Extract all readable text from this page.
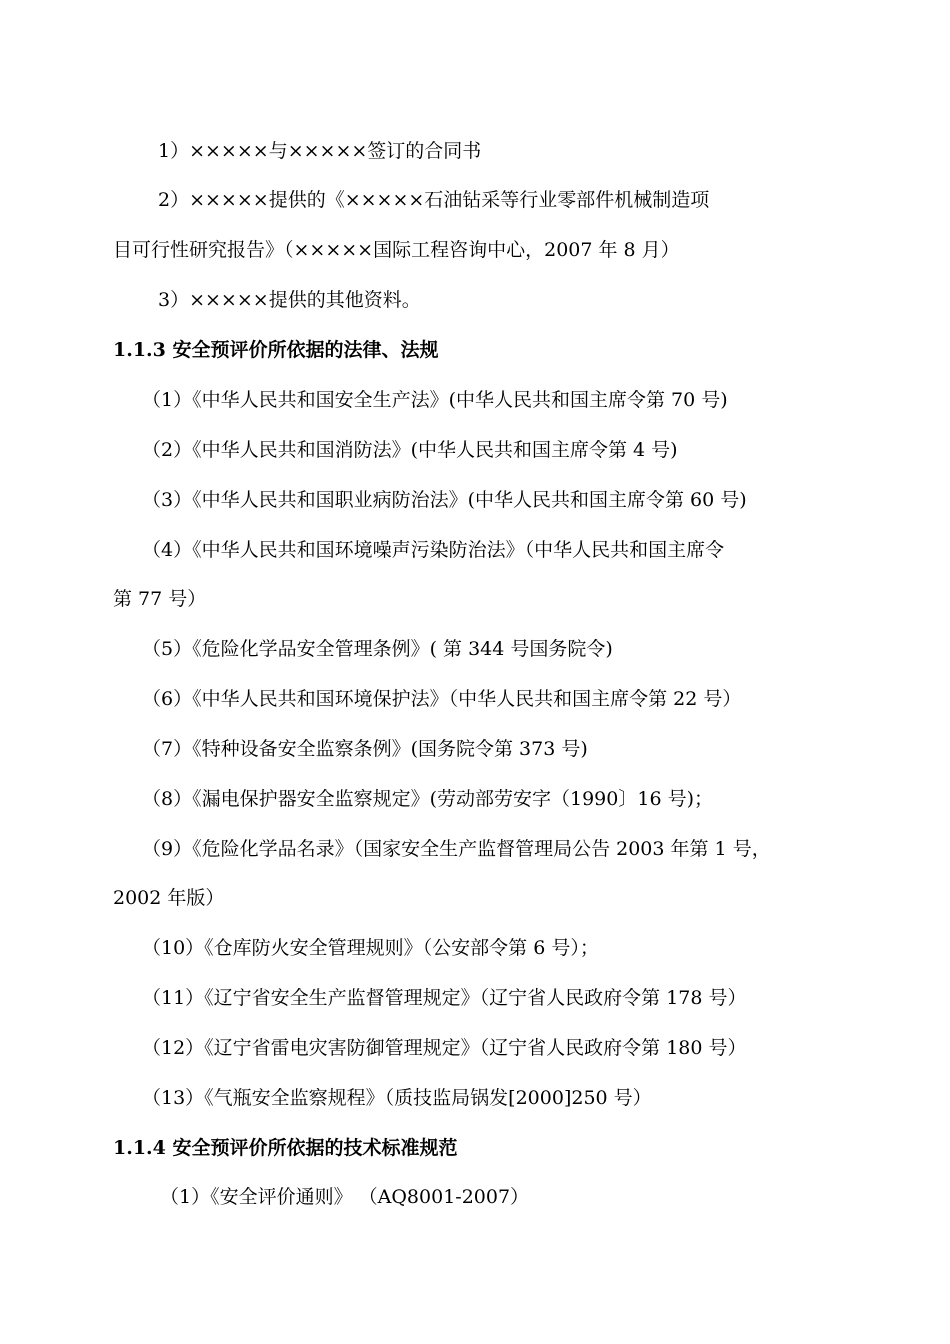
1）×××××与×××××签订的合同书
2）×××××提供的《×××××石油钻采等行业零部件机械制造项
目可行性研究报告》（×××××国际工程咨询中心，2007 年 8 月）
3）×××××提供的其他资料。
1.1.3 安全预评价所依据的法律、法规
（1）《中华人民共和国安全生产法》(中华人民共和国主席令第 70 号)
（2）《中华人民共和国消防法》(中华人民共和国主席令第 4 号)
（3）《中华人民共和国职业病防治法》(中华人民共和国主席令第 60 号)
（4）《中华人民共和国环境噪声污染防治法》（中华人民共和国主席令
第 77 号）
（5）《危险化学品安全管理条例》( 第 344 号国务院令)
（6）《中华人民共和国环境保护法》（中华人民共和国主席令第 22 号）
（7）《特种设备安全监察条例》(国务院令第 373 号)
（8）《漏电保护器安全监察规定》(劳动部劳安字（1990〕16 号)；
（9）《危险化学品名录》（国家安全生产监督管理局公告 2003 年第 1 号，
2002 年版）
（10）《仓库防火安全管理规则》（公安部令第 6 号）；
（11）《辽宁省安全生产监督管理规定》（辽宁省人民政府令第 178 号）
（12）《辽宁省雷电灾害防御管理规定》（辽宁省人民政府令第 180 号）
（13）《气瓶安全监察规程》（质技监局锅发[2000]250 号）
1.1.4 安全预评价所依据的技术标准规范
（1）《安全评价通则》 （AQ8001-2007）
